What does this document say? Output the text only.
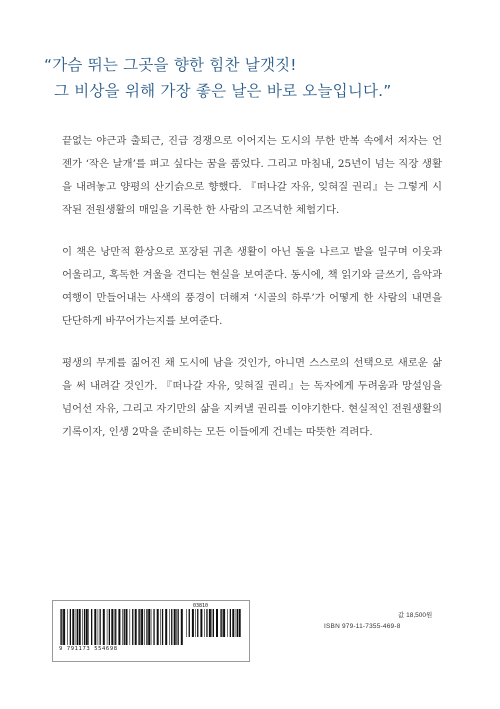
“가슴 뛰는 그곳을 향한 힘찬 날갯짓!
그 비상을 위해 가장 좋은 날은 바로 오늘입니다.”

끝없는 야근과 출퇴근, 진급 경쟁으로 이어지는 도시의 무한 반복 속에서 저자는 언젠가 ‘작은 날개’를 펴고 싶다는 꿈을 품었다. 그리고 마침내, 25년이 넘는 직장 생활을 내려놓고 양평의 산기슭으로 향했다. 『떠나갈 자유, 잊혀질 권리』는 그렇게 시작된 전원생활의 매일을 기록한 한 사람의 고즈넉한 체험기다.

이 책은 낭만적 환상으로 포장된 귀촌 생활이 아닌 돌을 나르고 밭을 일구며 이웃과 어울리고, 혹독한 겨울을 견디는 현실을 보여준다. 동시에, 책 읽기와 글쓰기, 음악과 여행이 만들어내는 사색의 풍경이 더해져 ‘시골의 하루’가 어떻게 한 사람의 내면을 단단하게 바꾸어가는지를 보여준다.

평생의 무게를 짊어진 채 도시에 남을 것인가, 아니면 스스로의 선택으로 새로운 삶을 써 내려갈 것인가. 『떠나갈 자유, 잊혀질 권리』는 독자에게 두려움과 망설임을 넘어선 자유, 그리고 자기만의 삶을 지켜낼 권리를 이야기한다. 현실적인 전원생활의 기록이자, 인생 2막을 준비하는 모든 이들에게 건네는 따뜻한 격려다.

03810
9 791173 554698
값 18,500원
ISBN 979-11-7355-469-8
